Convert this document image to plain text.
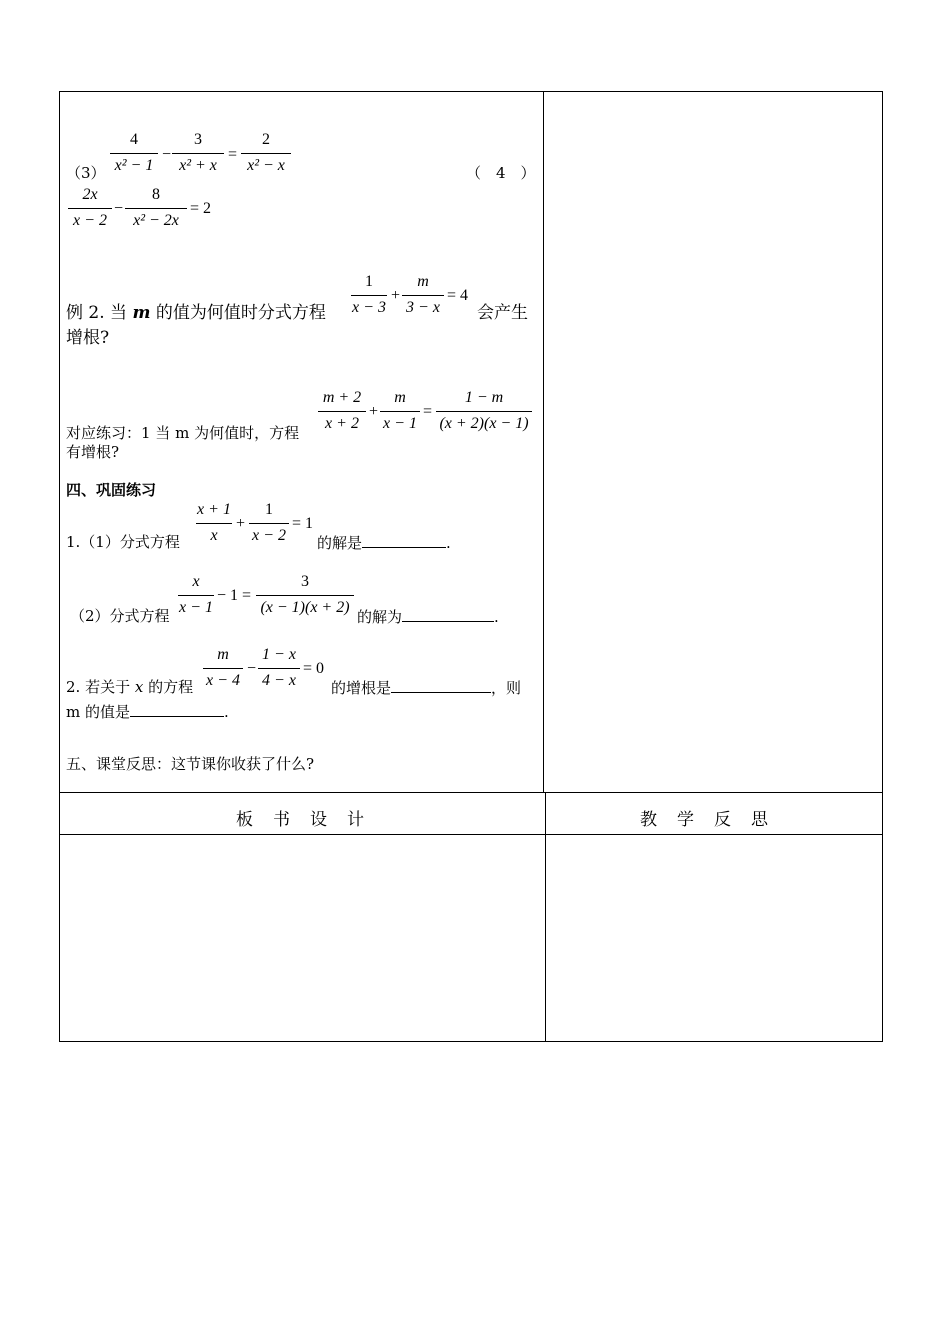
（3）
4
x² − 1
−
3
x² + x
=
2
x² − x	（　4　）
2x
x − 2
−
8
x² − 2x
= 2
例 2. 当 m 的值为何值时分式方程
1
x − 3
+
m
3 − x
= 4
会产生
增根?
对应练习：1 当 m 为何值时，方程
m + 2
x + 2
+
m
x − 1
=
1 − m
(x + 2)(x − 1)
有增根?
四、巩固练习
1.（1）分式方程
x + 1
x
+
1
x − 2
= 1
的解是	.
（2）分式方程
x
x − 1
− 1 =
3
(x − 1)(x + 2)
的解为	.
2. 若关于 x 的方程
m
x − 4
−
1 − x
4 − x
= 0
的增根是	，则
m 的值是	.
五、课堂反思：这节课你收获了什么?
板书设计	教学反思
